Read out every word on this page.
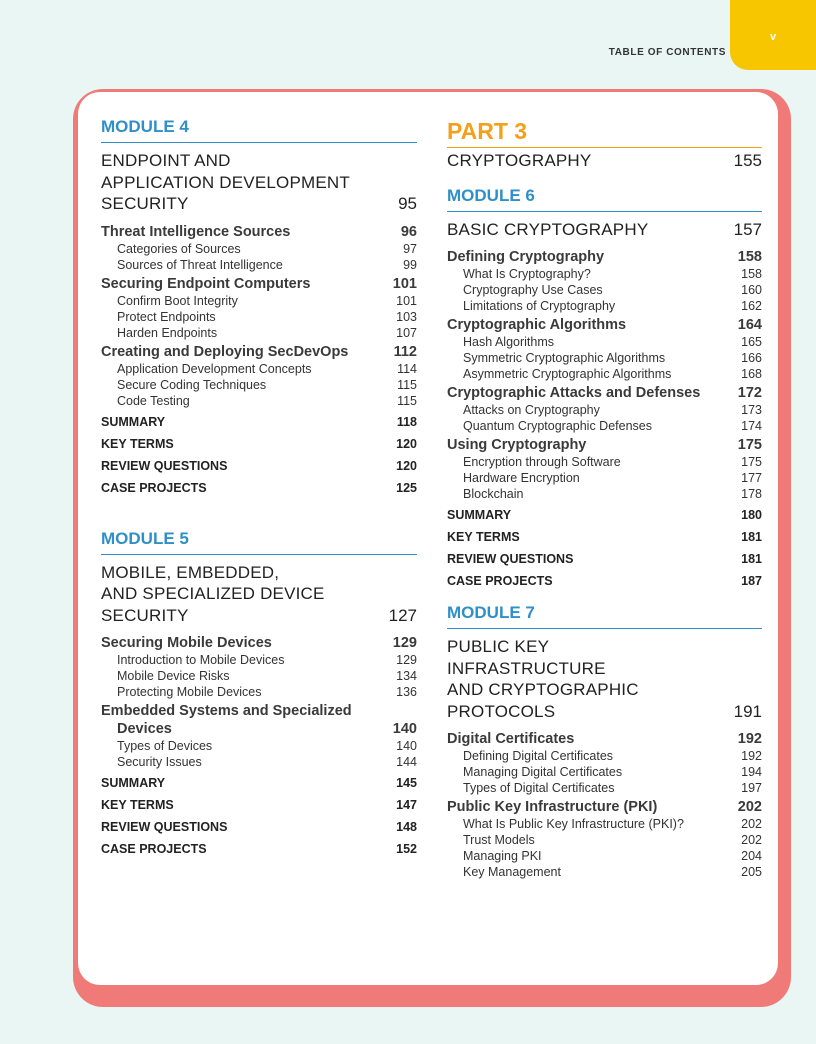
v
TABLE OF CONTENTS
MODULE 4
ENDPOINT AND
APPLICATION DEVELOPMENT
SECURITY	95
Threat Intelligence Sources	96
Categories of Sources	97
Sources of Threat Intelligence	99
Securing Endpoint Computers	101
Confirm Boot Integrity	101
Protect Endpoints	103
Harden Endpoints	107
Creating and Deploying SecDevOps	112
Application Development Concepts	114
Secure Coding Techniques	115
Code Testing	115
SUMMARY	118
KEY TERMS	120
REVIEW QUESTIONS	120
CASE PROJECTS	125
MODULE 5
MOBILE, EMBEDDED,
AND SPECIALIZED DEVICE
SECURITY	127
Securing Mobile Devices	129
Introduction to Mobile Devices	129
Mobile Device Risks	134
Protecting Mobile Devices	136
Embedded Systems and Specialized
Devices	140
Types of Devices	140
Security Issues	144
SUMMARY	145
KEY TERMS	147
REVIEW QUESTIONS	148
CASE PROJECTS	152
PART 3
CRYPTOGRAPHY	155
MODULE 6
BASIC CRYPTOGRAPHY	157
Defining Cryptography	158
What Is Cryptography?	158
Cryptography Use Cases	160
Limitations of Cryptography	162
Cryptographic Algorithms	164
Hash Algorithms	165
Symmetric Cryptographic Algorithms	166
Asymmetric Cryptographic Algorithms	168
Cryptographic Attacks and Defenses	172
Attacks on Cryptography	173
Quantum Cryptographic Defenses	174
Using Cryptography	175
Encryption through Software	175
Hardware Encryption	177
Blockchain	178
SUMMARY	180
KEY TERMS	181
REVIEW QUESTIONS	181
CASE PROJECTS	187
MODULE 7
PUBLIC KEY INFRASTRUCTURE
AND CRYPTOGRAPHIC
PROTOCOLS	191
Digital Certificates	192
Defining Digital Certificates	192
Managing Digital Certificates	194
Types of Digital Certificates	197
Public Key Infrastructure (PKI)	202
What Is Public Key Infrastructure (PKI)?	202
Trust Models	202
Managing PKI	204
Key Management	205
